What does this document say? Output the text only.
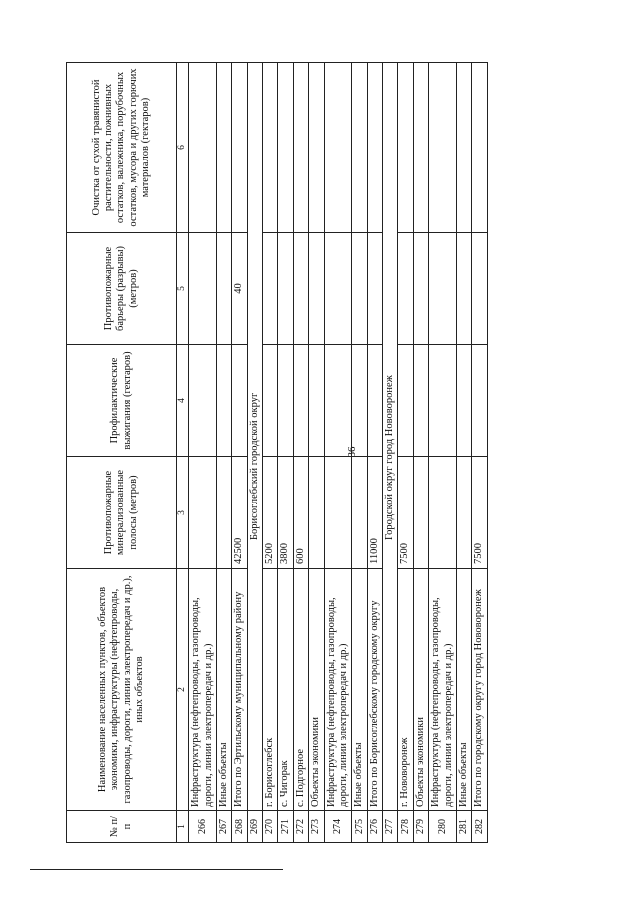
36
№ п/п	Наименование населенных пунктов, объектов экономики, инфраструктуры (нефтепроводы, газопроводы, дороги, линии электропередач и др.), иных объектов	Противопожарные минерализованные полосы (метров)	Профилактические выжигания (гектаров)	Противопожарные барьеры (разрывы) (метров)	Очистка от сухой травянистой растительности, пожнивных остатков, валежника, порубочных остатков, мусора и других горючих материалов (гектаров)
1	2	3	4	5	6
266	Инфраструктура (нефтепроводы, газопроводы, дороги, линии электропередач и др.)				
267	Иные объекты				
268	Итого по Эртильскому муниципальному району	42500		40	
269	Борисоглебский городской округ				
270	г. Борисоглебск	5200			
271	с. Чигорак	3800			
272	с. Подгорное	600			
273	Объекты экономики				
274	Инфраструктура (нефтепроводы, газопроводы, дороги, линии электропередач и др.)				
275	Иные объекты				
276	Итого по Борисоглебскому городскому округу	11000			
277	Городской округ город Нововоронеж				
278	г. Нововоронеж	7500			
279	Объекты экономики				
280	Инфраструктура (нефтепроводы, газопроводы, дороги, линии электропередач и др.)				
281	Иные объекты				
282	Итого по городскому округу город Нововоронеж	7500			
